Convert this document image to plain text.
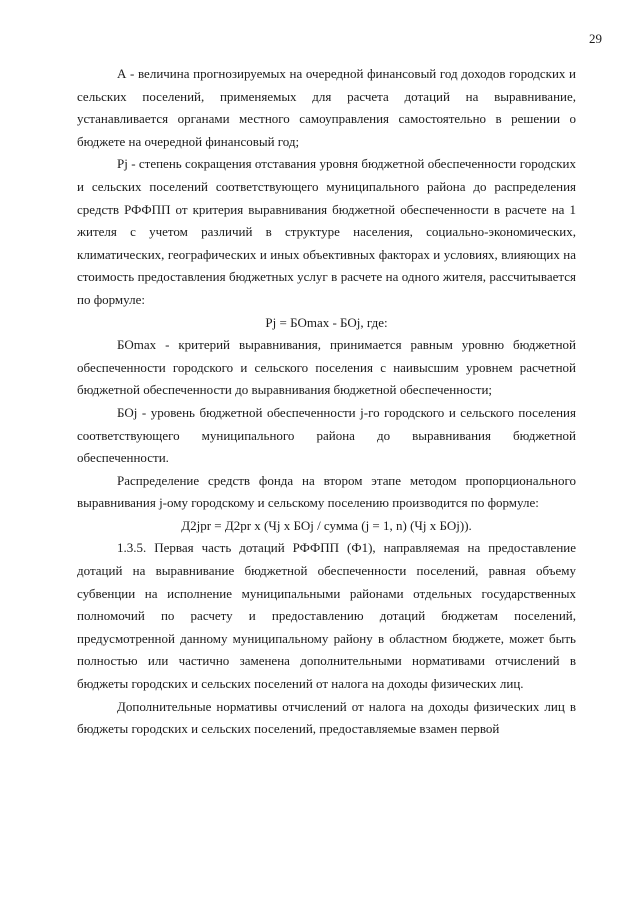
29

А - величина прогнозируемых на очередной финансовый год доходов городских и сельских поселений, применяемых для расчета дотаций на выравнивание, устанавливается органами местного самоуправления самостоятельно в решении о бюджете на очередной финансовый год;

Pj - степень сокращения отставания уровня бюджетной обеспеченности городских и сельских поселений соответствующего муниципального района до распределения средств РФФПП от критерия выравнивания бюджетной обеспеченности в расчете на 1 жителя с учетом различий в структуре населения, социально-экономических, климатических, географических и иных объективных факторах и условиях, влияющих на стоимость предоставления бюджетных услуг в расчете на одного жителя, рассчитывается по формуле:

Pj = БОmax - БОj, где:

БОmax - критерий выравнивания, принимается равным уровню бюджетной обеспеченности городского и сельского поселения с наивысшим уровнем расчетной бюджетной обеспеченности до выравнивания бюджетной обеспеченности;

БОj - уровень бюджетной обеспеченности j-го городского и сельского поселения соответствующего муниципального района до выравнивания бюджетной обеспеченности.

Распределение средств фонда на втором этапе методом пропорционального выравнивания j-ому городскому и сельскому поселению производится по формуле:

Д2jpr = Д2pr x (Чj x БОj / сумма (j = 1, n) (Чj x БОj)).

1.3.5. Первая часть дотаций РФФПП (Ф1), направляемая на предоставление дотаций на выравнивание бюджетной обеспеченности поселений, равная объему субвенции на исполнение муниципальными районами отдельных государственных полномочий по расчету и предоставлению дотаций бюджетам поселений, предусмотренной данному муниципальному району в областном бюджете, может быть полностью или частично заменена дополнительными нормативами отчислений в бюджеты городских и сельских поселений от налога на доходы физических лиц.

Дополнительные нормативы отчислений от налога на доходы физических лиц в бюджеты городских и сельских поселений, предоставляемые взамен первой
